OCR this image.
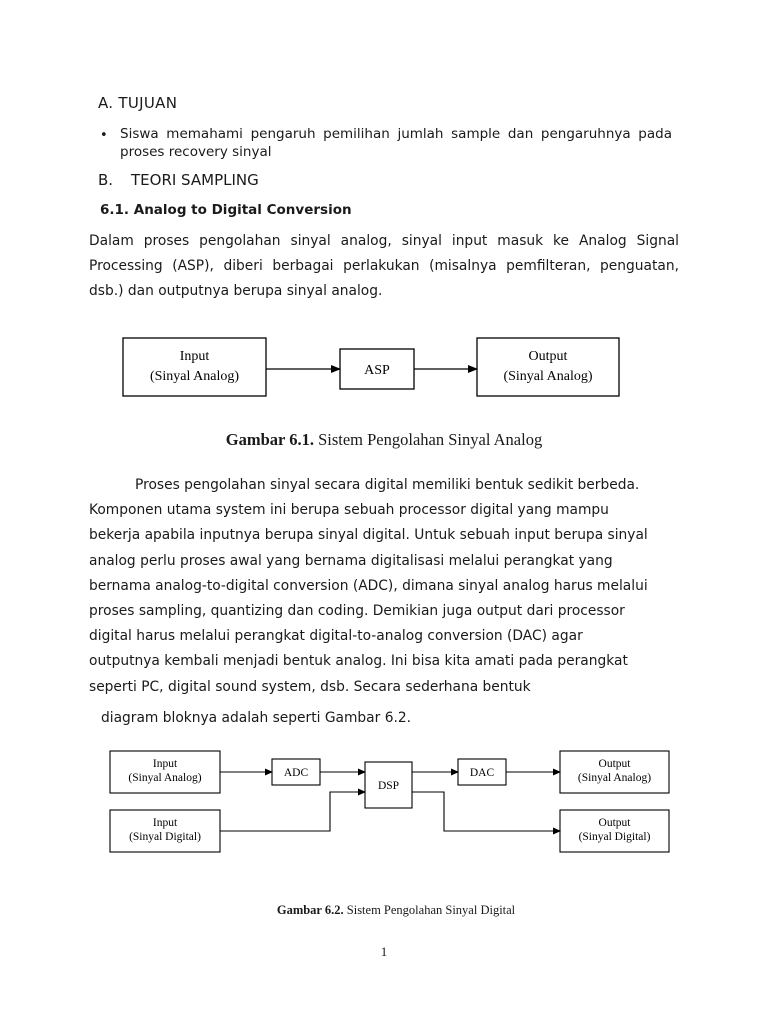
A. TUJUAN
• Siswa memahami pengaruh pemilihan jumlah sample dan pengaruhnya pada proses recovery sinyal
B. TEORI SAMPLING
6.1. Analog to Digital Conversion
Dalam proses pengolahan sinyal analog, sinyal input masuk ke Analog Signal Processing (ASP), diberi berbagai perlakukan (misalnya pemfilteran, penguatan, dsb.) dan outputnya berupa sinyal analog.
Input
(Sinyal Analog)	ASP
Output
(Sinyal Analog)
Input
(Sinyal Analog)
Input
(Sinyal Digital)
ADC
DSP
DAC
Output
(Sinyal Analog)
Output
(Sinyal Digital)
Gambar 6.1. Sistem Pengolahan Sinyal Analog
Proses pengolahan sinyal secara digital memiliki bentuk sedikit berbeda.
Komponen utama system ini berupa sebuah processor digital yang mampu
bekerja apabila inputnya berupa sinyal digital. Untuk sebuah input berupa sinyal
analog perlu proses awal yang bernama digitalisasi melalui perangkat yang
bernama analog-to-digital conversion (ADC), dimana sinyal analog harus melalui
proses sampling, quantizing dan coding. Demikian juga output dari processor
digital harus melalui perangkat digital-to-analog conversion (DAC) agar
outputnya kembali menjadi bentuk analog. Ini bisa kita amati pada perangkat
seperti PC, digital sound system, dsb. Secara sederhana bentuk
diagram bloknya adalah seperti Gambar 6.2.
Gambar 6.2. Sistem Pengolahan Sinyal Digital
1
